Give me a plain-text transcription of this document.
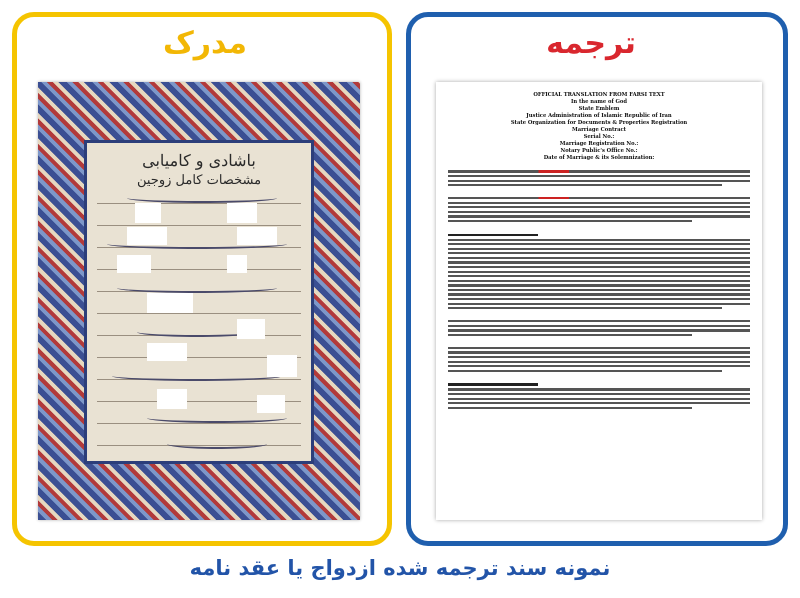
مدرک	ترجمه
باشادی و کامیابی
مشخصات کامل زوجین
OFFICIAL TRANSLATION FROM FARSI TEXT
In the name of God
State Emblem
Justice Administration of Islamic Republic of Iran
State Organization for Documents & Properties Registration
Marriage Contract
Serial No.:
Marriage Registration No.:
Notary Public's Office No.:
Date of Marriage & its Solemnization:
نمونه سند ترجمه شده ازدواج یا عقد نامه
